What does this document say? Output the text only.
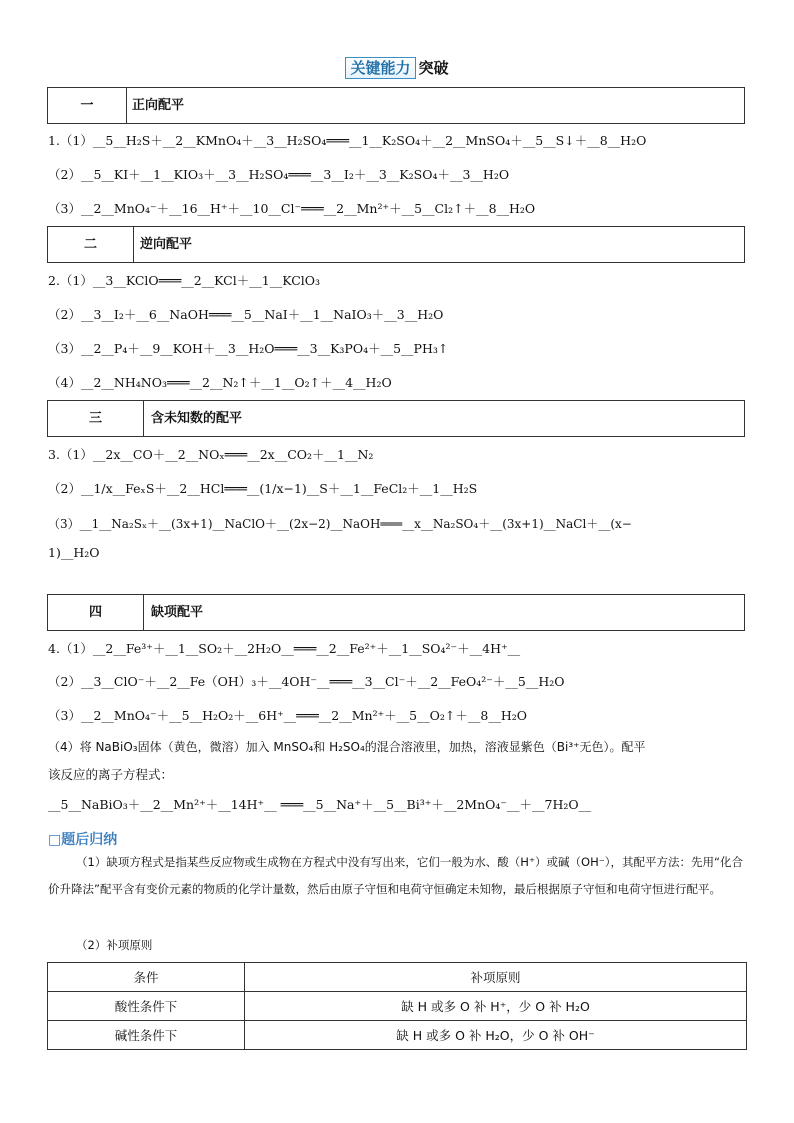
关键能力 突破
一	正向配平
1.（1）__5__H₂S＋__2__KMnO₄＋__3__H₂SO₄═══__1__K₂SO₄＋__2__MnSO₄＋__5__S↓＋__8__H₂O
（2）__5__KI＋__1__KIO₃＋__3__H₂SO₄═══__3__I₂＋__3__K₂SO₄＋__3__H₂O
（3）__2__MnO₄⁻＋__16__H⁺＋__10__Cl⁻═══__2__Mn²⁺＋__5__Cl₂↑＋__8__H₂O
二	逆向配平
2.（1）__3__KClO═══__2__KCl＋__1__KClO₃
（2）__3__I₂＋__6__NaOH═══__5__NaI＋__1__NaIO₃＋__3__H₂O
（3）__2__P₄＋__9__KOH＋__3__H₂O═══__3__K₃PO₄＋__5__PH₃↑
（4）__2__NH₄NO₃═══__2__N₂↑＋__1__O₂↑＋__4__H₂O
三	含未知数的配平
3.（1）__2x__CO＋__2__NOₓ═══__2x__CO₂＋__1__N₂
（2）__1/x__FeₓS＋__2__HCl═══__(1/x−1)__S＋__1__FeCl₂＋__1__H₂S
（3）__1__Na₂Sₓ＋__(3x+1)__NaClO＋__(2x−2)__NaOH═══__x__Na₂SO₄＋__(3x+1)__NaCl＋__(x−
1)__H₂O
四	缺项配平
4.（1）__2__Fe³⁺＋__1__SO₂＋__2H₂O__═══__2__Fe²⁺＋__1__SO₄²⁻＋__4H⁺__
（2）__3__ClO⁻＋__2__Fe（OH）₃＋__4OH⁻__═══__3__Cl⁻＋__2__FeO₄²⁻＋__5__H₂O
（3）__2__MnO₄⁻＋__5__H₂O₂＋__6H⁺__═══__2__Mn²⁺＋__5__O₂↑＋__8__H₂O
（4）将 NaBiO₃固体（黄色，微溶）加入 MnSO₄和 H₂SO₄的混合溶液里，加热，溶液显紫色（Bi³⁺无色）。配平
该反应的离子方程式：
__5__NaBiO₃＋__2__Mn²⁺＋__14H⁺__ ═══__5__Na⁺＋__5__Bi³⁺＋__2MnO₄⁻__＋__7H₂O__
□题后归纳
（1）缺项方程式是指某些反应物或生成物在方程式中没有写出来，它们一般为水、酸（H⁺）或碱（OH⁻），其配平方法：先用“化合价升降法”配平含有变价元素的物质的化学计量数，然后由原子守恒和电荷守恒确定未知物，最后根据原子守恒和电荷守恒进行配平。
（2）补项原则
条件	补项原则
酸性条件下	缺 H 或多 O 补 H⁺，少 O 补 H₂O
碱性条件下	缺 H 或多 O 补 H₂O，少 O 补 OH⁻
